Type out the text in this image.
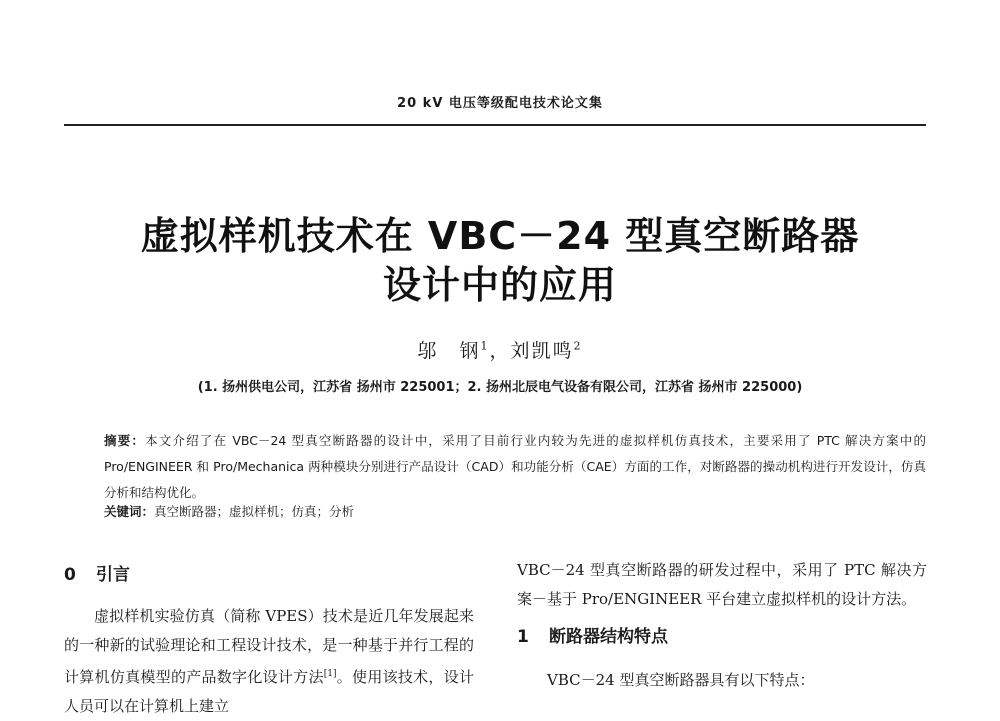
20 kV 电压等级配电技术论文集
虚拟样机技术在 VBC－24 型真空断路器
设计中的应用
邬　钢$^1$，刘凯鸣$^2$
(1. 扬州供电公司，江苏省 扬州市 225001；2. 扬州北辰电气设备有限公司，江苏省 扬州市 225000)
摘要：本文介绍了在 VBC－24 型真空断路器的设计中，采用了目前行业内较为先进的虚拟样机仿真技术，主要采用了 PTC 解决方案中的 Pro/ENGINEER 和 Pro/Mechanica 两种模块分别进行产品设计（CAD）和功能分析（CAE）方面的工作，对断路器的操动机构进行开发设计，仿真分析和结构优化。
关键词：真空断路器；虚拟样机；仿真；分析
0 引言

虚拟样机实验仿真（简称 VPES）技术是近几年发展起来的一种新的试验理论和工程设计技术，是一种基于并行工程的计算机仿真模型的产品数字化设计方法[1]。使用该技术，设计人员可以在计算机上建立

VBC－24 型真空断路器的研发过程中，采用了 PTC 解决方案－基于 Pro/ENGINEER 平台建立虚拟样机的设计方法。

1 断路器结构特点

VBC－24 型真空断路器具有以下特点：
